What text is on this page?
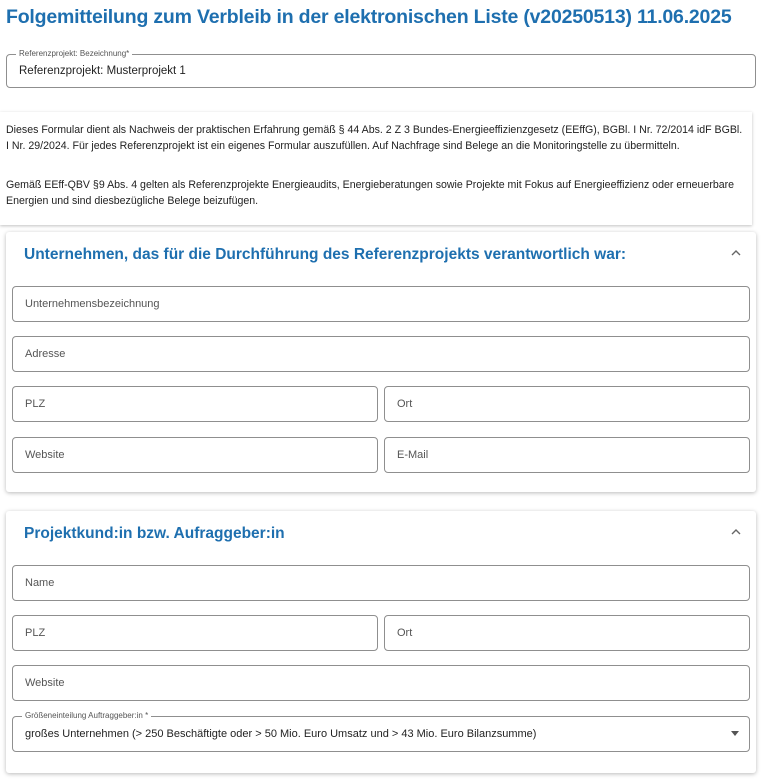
Folgemitteilung zum Verbleib in der elektronischen Liste (v20250513) 11.06.2025
Referenzprojekt: Bezeichnung*
Referenzprojekt: Musterprojekt 1

Dieses Formular dient als Nachweis der praktischen Erfahrung gemäß § 44 Abs. 2 Z 3 Bundes-Energieeffizienzgesetz (EEffG), BGBl. I Nr. 72/2014 idF BGBl. I Nr. 29/2024. Für jedes Referenzprojekt ist ein eigenes Formular auszufüllen. Auf Nachfrage sind Belege an die Monitoringstelle zu übermitteln.

Gemäß EEff-QBV §9 Abs. 4 gelten als Referenzprojekte Energieaudits, Energieberatungen sowie Projekte mit Fokus auf Energieeffizienz oder erneuerbare Energien und sind diesbezügliche Belege beizufügen.

Unternehmen, das für die Durchführung des Referenzprojekts verantwortlich war:
Unternehmensbezeichnung
Adresse
PLZ	Ort
Website	E-Mail
Projektkund:in bzw. Aufraggeber:in
Name
PLZ	Ort
Website
Größeneinteilung Auftraggeber:in *
großes Unternehmen (> 250 Beschäftigte oder > 50 Mio. Euro Umsatz und > 43 Mio. Euro Bilanzsumme)
